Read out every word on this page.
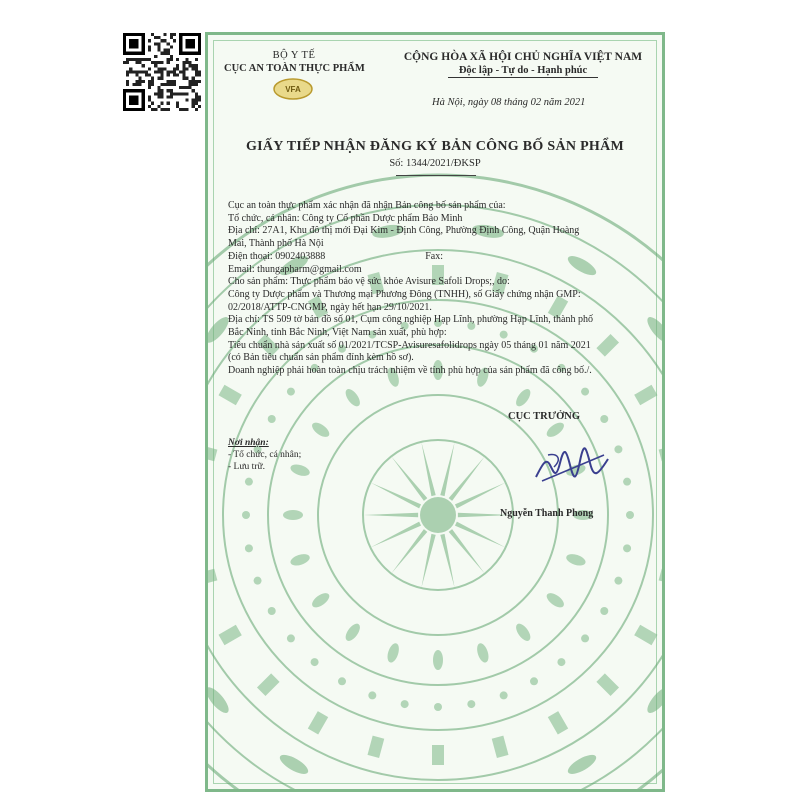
BỘ Y TẾ
CỤC AN TOÀN THỰC PHẨM
VFA
CỘNG HÒA XÃ HỘI CHỦ NGHĨA VIỆT NAM
Độc lập - Tự do - Hạnh phúc
Hà Nội, ngày 08 tháng 02 năm 2021
GIẤY TIẾP NHẬN ĐĂNG KÝ BẢN CÔNG BỐ SẢN PHẨM
Số: 1344/2021/ĐKSP
Cục an toàn thực phẩm xác nhận đã nhận Bản công bố sản phẩm của:
Tổ chức, cá nhân: Công ty Cổ phần Dược phẩm Bảo Minh
Địa chỉ: 27A1, Khu đô thị mới Đại Kim - Định Công, Phường Định Công, Quận Hoàng
Mai, Thành phố Hà Nội
Điện thoại: 0902403888	Fax:
Email: thungapharm@gmail.com
Cho sản phẩm: Thực phẩm bảo vệ sức khỏe Avisure Safoli Drops;, do:
Công ty Dược phẩm và Thương mại Phương Đông (TNHH), số Giấy chứng nhận GMP:
02/2018/ATTP-CNGMP, ngày hết hạn 29/10/2021.
Địa chỉ: TS 509 tờ bản đồ số 01, Cụm công nghiệp Hạp Lĩnh, phường Hạp Lĩnh, thành phố
Bắc Ninh, tỉnh Bắc Ninh, Việt Nam sản xuất, phù hợp:
Tiêu chuẩn nhà sản xuất số 01/2021/TCSP-Avisuresafolidrops ngày 05 tháng 01 năm 2021
(có Bản tiêu chuẩn sản phẩm đính kèm hồ sơ).
Doanh nghiệp phải hoàn toàn chịu trách nhiệm về tính phù hợp của sản phẩm đã công bố./.
Nơi nhận:
- Tổ chức, cá nhân;
- Lưu trữ.
CỤC TRƯỞNG
Nguyễn Thanh Phong
